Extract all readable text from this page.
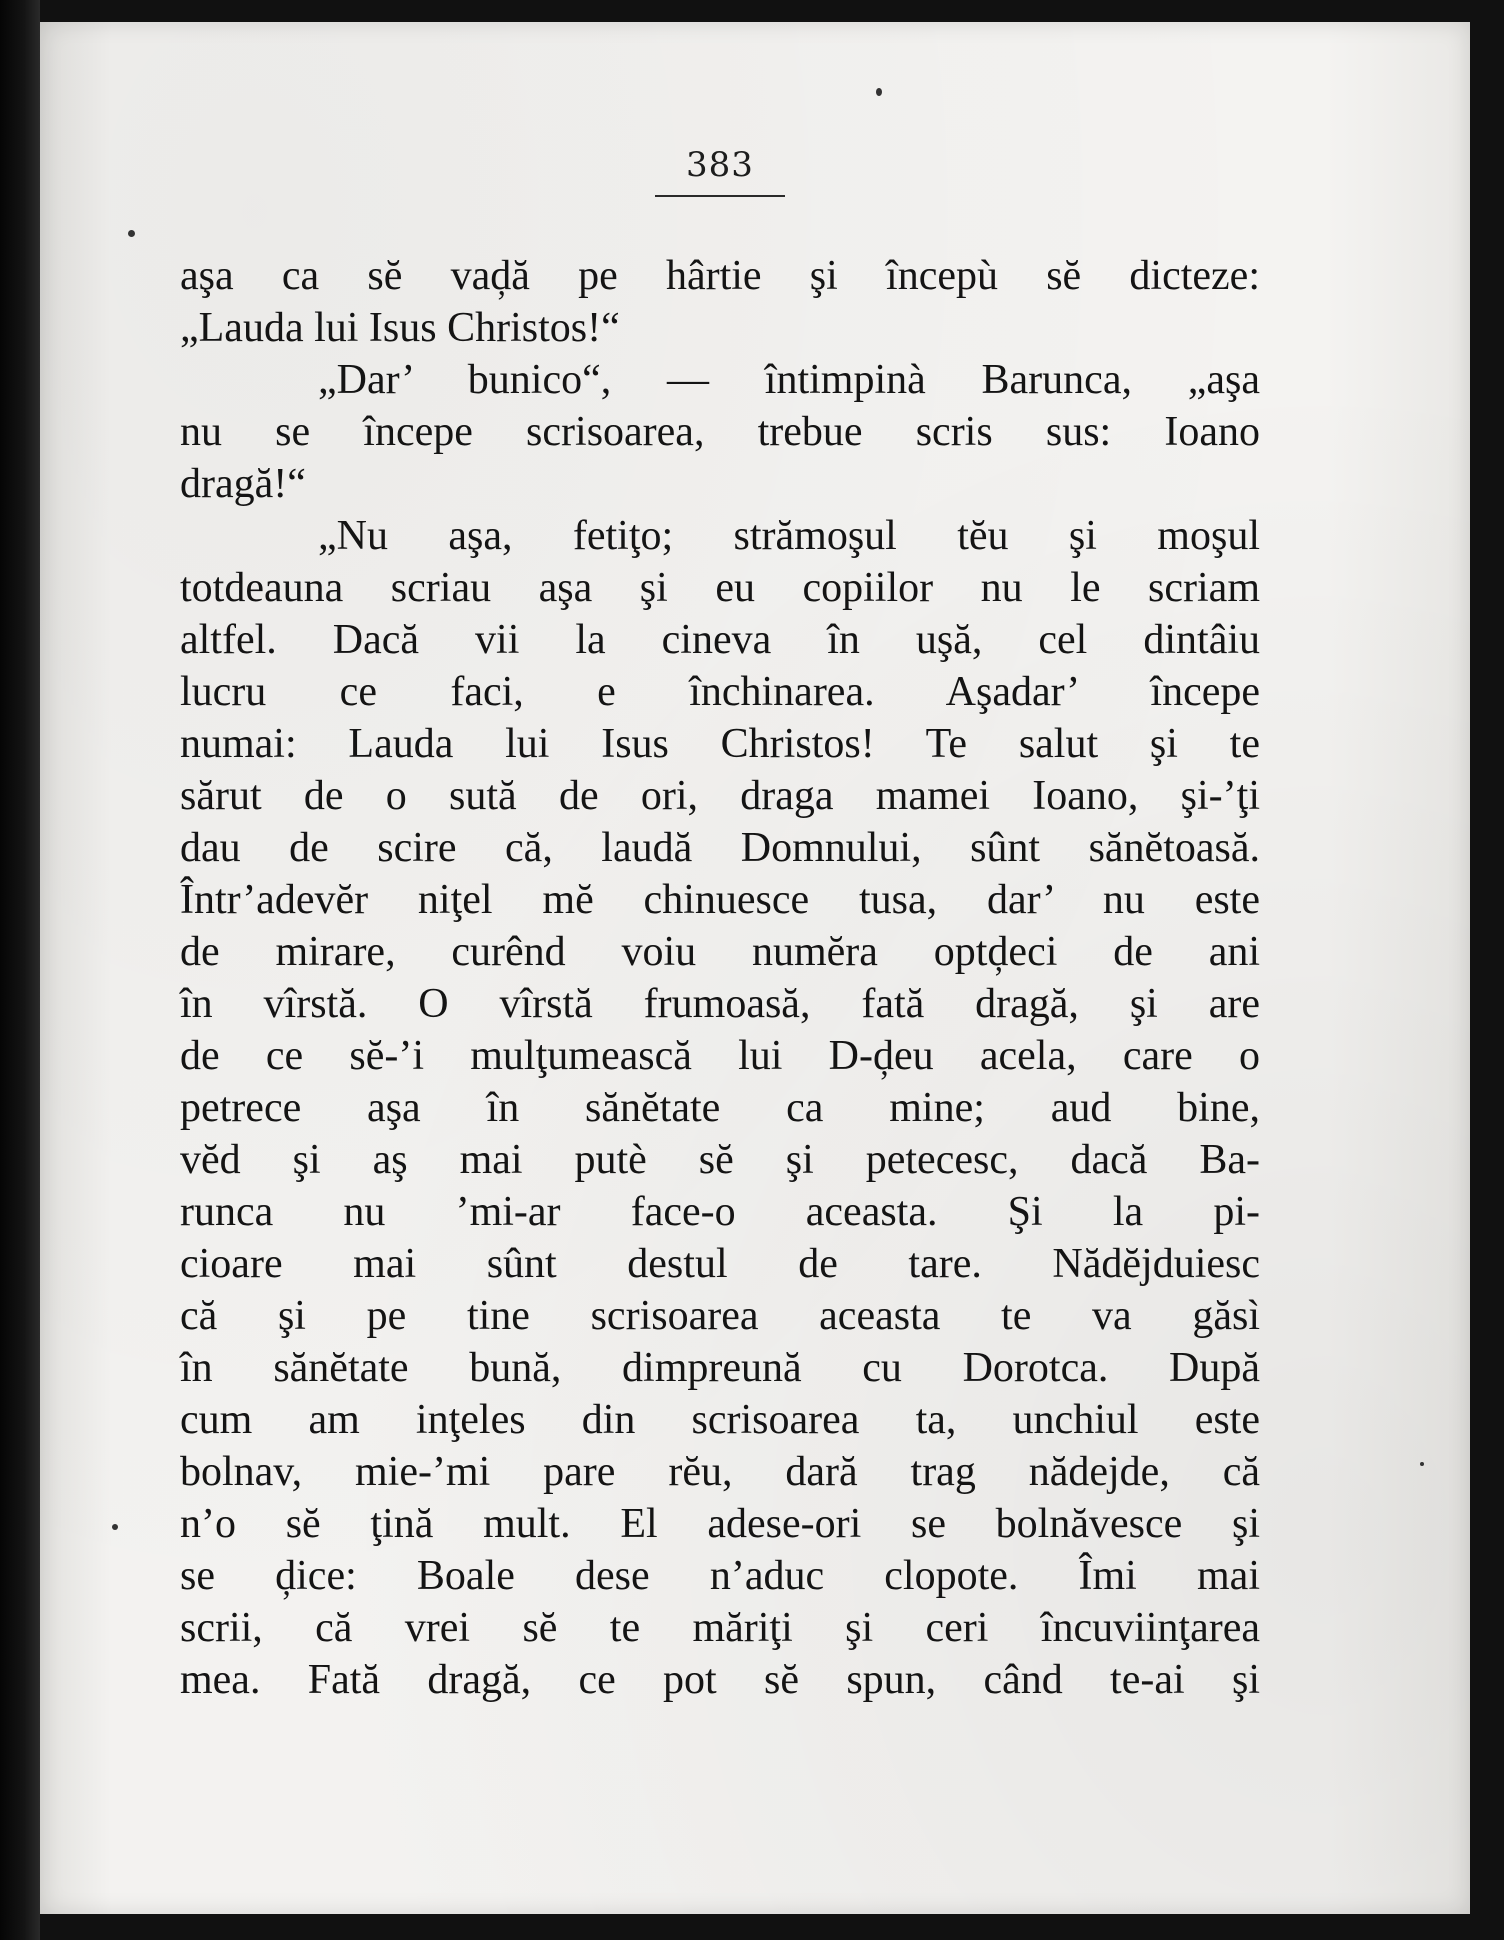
383
aşa ca sĕ vaḑă pe hârtie şi începù sĕ dicteze:
„Lauda lui Isus Christos!“
„Dar’ bunico“, — întimpinà Barunca, „aşa
nu se începe scrisoarea, trebue scris sus: Ioano
dragă!“
„Nu aşa, fetiţo; strămoşul tĕu şi moşul
totdeauna scriau aşa şi eu copiilor nu le scriam
altfel. Dacă vii la cineva în uşă, cel dintâiu
lucru ce faci, e închinarea. Aşadar’ începe
numai: Lauda lui Isus Christos! Te salut şi te
sărut de o sută de ori, draga mamei Ioano, şi-’ţi
dau de scire că, laudă Domnului, sûnt sănĕtoasă.
Într’adevĕr niţel mĕ chinuesce tusa, dar’ nu este
de mirare, curênd voiu numĕra optḑeci de ani
în vîrstă. O vîrstă frumoasă, fată dragă, şi are
de ce sĕ-’i mulţumească lui D-ḑeu acela, care o
petrece aşa în sănĕtate ca mine; aud bine,
vĕd şi aş mai putè sĕ şi petecesc, dacă Ba-
runca nu ’mi-ar face-o aceasta. Şi la pi-
cioare mai sûnt destul de tare. Nădĕjduiesc
că şi pe tine scrisoarea aceasta te va găsì
în sănĕtate bună, dimpreună cu Dorotca. După
cum am inţeles din scrisoarea ta, unchiul este
bolnav, mie-’mi pare rĕu, dară trag nădejde, că
n’o sĕ ţină mult. El adese-ori se bolnăvesce şi
se ḑice: Boale dese n’aduc clopote. Îmi mai
scrii, că vrei sĕ te măriţi şi ceri încuviinţarea
mea. Fată dragă, ce pot sĕ spun, când te-ai şi
